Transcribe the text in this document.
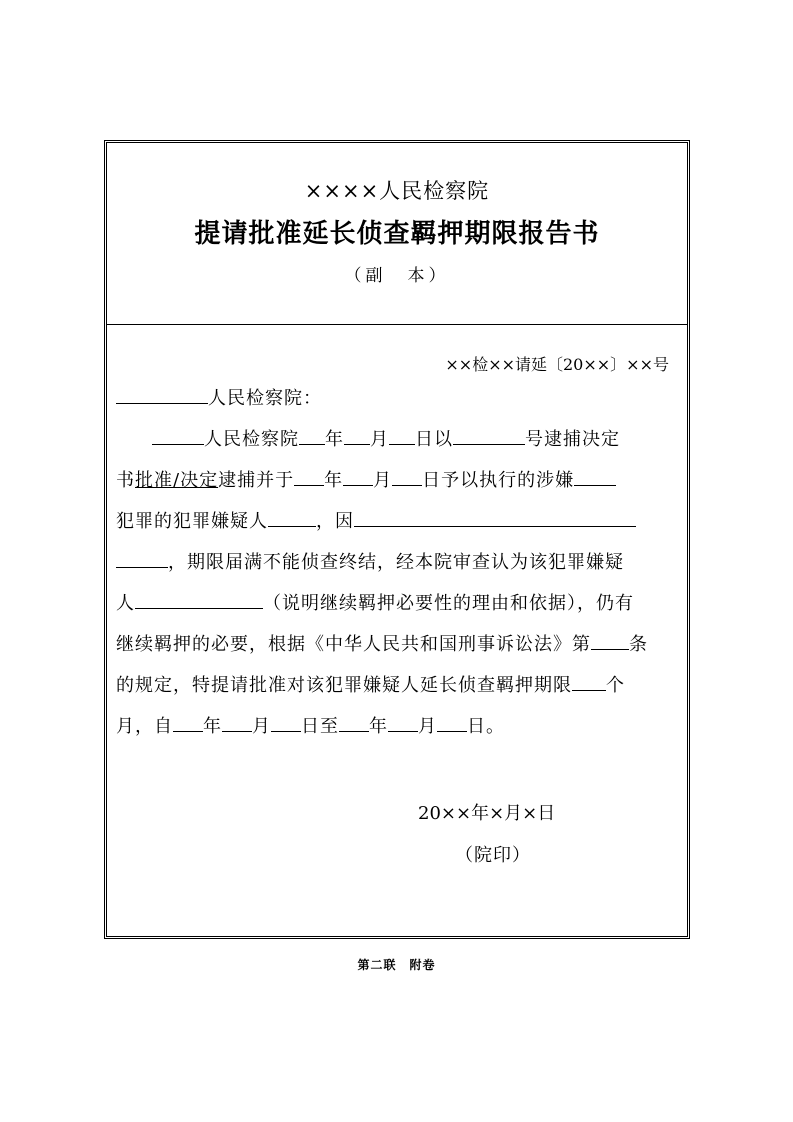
××××人民检察院
提请批准延长侦查羁押期限报告书
（副　本）
××检××请延〔20××〕××号
人民检察院：
人民检察院 年 月 日以	号逮捕决定
书批准/决定逮捕并于 年 月 日予以执行的涉嫌
犯罪的犯罪嫌疑人	，因
，期限届满不能侦查终结，经本院审查认为该犯罪嫌疑
人	（说明继续羁押必要性的理由和依据），仍有
继续羁押的必要，根据《中华人民共和国刑事诉讼法》第 条
的规定，特提请批准对该犯罪嫌疑人延长侦查羁押期限 个
月，自 年 月 日至 年 月 日。
20××年×月×日
（院印）
第二联　附卷
